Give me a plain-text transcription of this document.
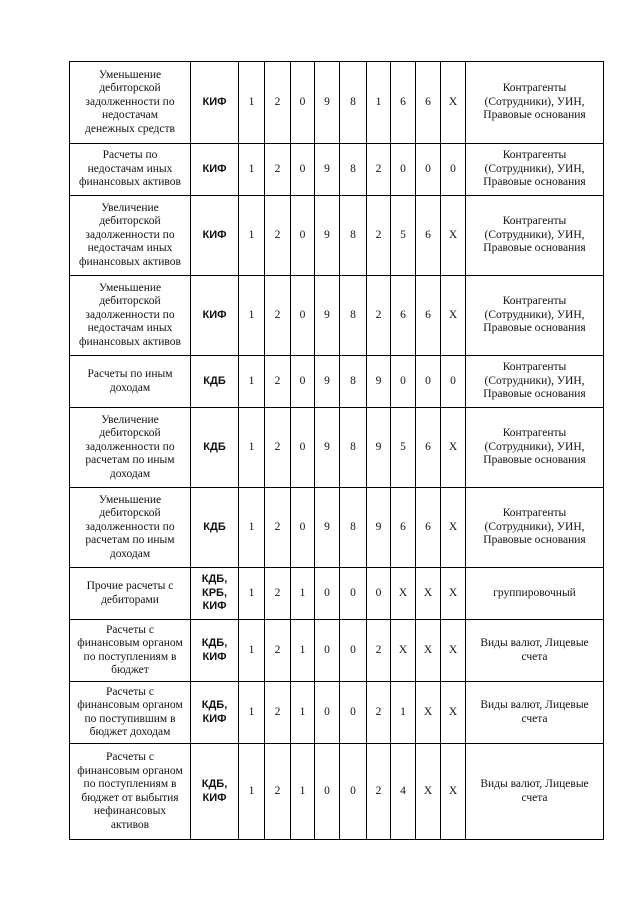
Уменьшение дебиторской задолженности по недостачам денежных средств	КИФ	1	2	0	9	8	1	6	6	X	Контрагенты (Сотрудники), УИН, Правовые основания
Расчеты по недостачам иных финансовых активов	КИФ	1	2	0	9	8	2	0	0	0	Контрагенты (Сотрудники), УИН, Правовые основания
Увеличение дебиторской задолженности по недостачам иных финансовых активов	КИФ	1	2	0	9	8	2	5	6	X	Контрагенты (Сотрудники), УИН, Правовые основания
Уменьшение дебиторской задолженности по недостачам иных финансовых активов	КИФ	1	2	0	9	8	2	6	6	X	Контрагенты (Сотрудники), УИН, Правовые основания
Расчеты по иным доходам	КДБ	1	2	0	9	8	9	0	0	0	Контрагенты (Сотрудники), УИН, Правовые основания
Увеличение дебиторской задолженности по расчетам по иным доходам	КДБ	1	2	0	9	8	9	5	6	X	Контрагенты (Сотрудники), УИН, Правовые основания
Уменьшение дебиторской задолженности по расчетам по иным доходам	КДБ	1	2	0	9	8	9	6	6	X	Контрагенты (Сотрудники), УИН, Правовые основания
Прочие расчеты с дебиторами	КДБ, КРБ, КИФ	1	2	1	0	0	0	X	X	X	группировочный
Расчеты с финансовым органом по поступлениям в бюджет	КДБ, КИФ	1	2	1	0	0	2	X	X	X	Виды валют, Лицевые счета
Расчеты с финансовым органом по поступившим в бюджет доходам	КДБ, КИФ	1	2	1	0	0	2	1	X	X	Виды валют, Лицевые счета
Расчеты с финансовым органом по поступлениям в бюджет от выбытия нефинансовых активов	КДБ, КИФ	1	2	1	0	0	2	4	X	X	Виды валют, Лицевые счета
